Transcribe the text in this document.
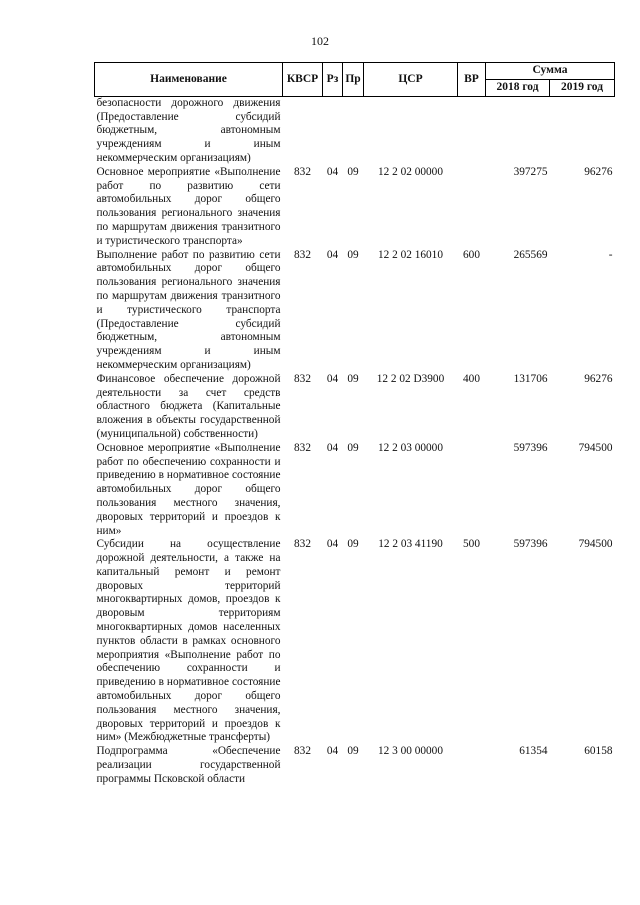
102
Наименование	КВСР	Рз	Пр	ЦСР	ВР	Сумма	
						2018 год	2019 год
безопасности дорожного движения (Предоставление субсидий бюджетным, автономным учреждениям и иным некоммерческим организациям)							
Основное мероприятие «Выполнение работ по развитию сети автомобильных дорог общего пользования регионального значения по маршрутам движения транзитного и туристического транспорта»	832	04	09	12 2 02 00000		397275	96276
Выполнение работ по развитию сети автомобильных дорог общего пользования регионального значения по маршрутам движения транзитного и туристического транспорта (Предоставление субсидий бюджетным, автономным учреждениям и иным некоммерческим организациям)	832	04	09	12 2 02 16010	600	265569	-
Финансовое обеспечение дорожной деятельности за счет средств областного бюджета (Капитальные вложения в объекты государственной (муниципальной) собственности)	832	04	09	12 2 02 D3900	400	131706	96276
Основное мероприятие «Выполнение работ по обеспечению сохранности и приведению в нормативное состояние автомобильных дорог общего пользования местного значения, дворовых территорий и проездов к ним»	832	04	09	12 2 03 00000		597396	794500
Субсидии на осуществление дорожной деятельности, а также на капитальный ремонт и ремонт дворовых территорий многоквартирных домов, проездов к дворовым территориям многоквартирных домов населенных пунктов области в рамках основного мероприятия «Выполнение работ по обеспечению сохранности и приведению в нормативное состояние автомобильных дорог общего пользования местного значения, дворовых территорий и проездов к ним» (Межбюджетные трансферты)	832	04	09	12 2 03 41190	500	597396	794500
Подпрограмма «Обеспечение реализации государственной программы Псковской области	832	04	09	12 3 00 00000		61354	60158
